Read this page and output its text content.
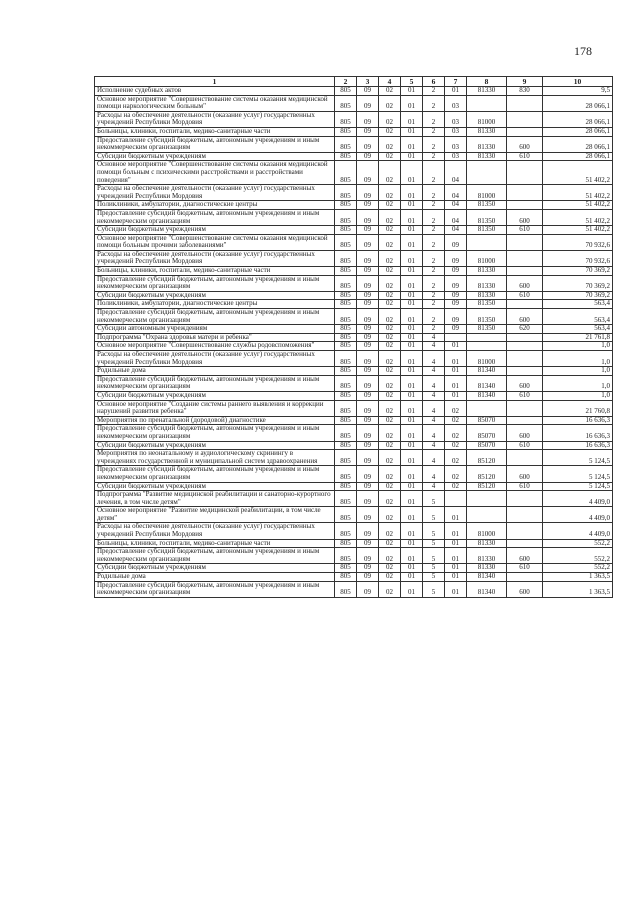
178
1	2	3	4	5	6	7	8	9	10
Исполнение судебных актов	805	09	02	01	2	01	81330	830	9,5
Основное мероприятие "Совершенствование системы оказания медицинской помощи наркологическим больным"	805	09	02	01	2	03			28 066,1
Расходы на обеспечение деятельности (оказание услуг) государственных учреждений Республики Мордовия	805	09	02	01	2	03	81000		28 066,1
Больницы, клиники, госпитали, медико-санитарные части	805	09	02	01	2	03	81330		28 066,1
Предоставление субсидий бюджетным, автономным учреждениям и иным некоммерческим организациям	805	09	02	01	2	03	81330	600	28 066,1
Субсидии бюджетным учреждениям	805	09	02	01	2	03	81330	610	28 066,1
Основное мероприятие "Совершенствование системы оказания медицинской помощи больным с психическими расстройствами и расстройствами поведения"	805	09	02	01	2	04			51 402,2
Расходы на обеспечение деятельности (оказание услуг) государственных учреждений Республики Мордовия	805	09	02	01	2	04	81000		51 402,2
Поликлиники, амбулатории, диагностические центры	805	09	02	01	2	04	81350		51 402,2
Предоставление субсидий бюджетным, автономным учреждениям и иным некоммерческим организациям	805	09	02	01	2	04	81350	600	51 402,2
Субсидии бюджетным учреждениям	805	09	02	01	2	04	81350	610	51 402,2
Основное мероприятие "Совершенствование системы оказания медицинской помощи больным прочими заболеваниями"	805	09	02	01	2	09			70 932,6
Расходы на обеспечение деятельности (оказание услуг) государственных учреждений Республики Мордовия	805	09	02	01	2	09	81000		70 932,6
Больницы, клиники, госпитали, медико-санитарные части	805	09	02	01	2	09	81330		70 369,2
Предоставление субсидий бюджетным, автономным учреждениям и иным некоммерческим организациям	805	09	02	01	2	09	81330	600	70 369,2
Субсидии бюджетным учреждениям	805	09	02	01	2	09	81330	610	70 369,2
Поликлиники, амбулатории, диагностические центры	805	09	02	01	2	09	81350		563,4
Предоставление субсидий бюджетным, автономным учреждениям и иным некоммерческим организациям	805	09	02	01	2	09	81350	600	563,4
Субсидии автономным учреждениям	805	09	02	01	2	09	81350	620	563,4
Подпрограмма "Охрана здоровья матери и ребенка"	805	09	02	01	4				21 761,8
Основное мероприятие "Совершенствование службы родовспоможения"	805	09	02	01	4	01			1,0
Расходы на обеспечение деятельности (оказание услуг) государственных учреждений Республики Мордовия	805	09	02	01	4	01	81000		1,0
Родильные дома	805	09	02	01	4	01	81340		1,0
Предоставление субсидий бюджетным, автономным учреждениям и иным некоммерческим организациям	805	09	02	01	4	01	81340	600	1,0
Субсидии бюджетным учреждениям	805	09	02	01	4	01	81340	610	1,0
Основное мероприятие "Создание системы раннего выявления и коррекции нарушений развития ребенка"	805	09	02	01	4	02			21 760,8
Мероприятия по пренатальной (дородовой) диагностике	805	09	02	01	4	02	85070		16 636,3
Предоставление субсидий бюджетным, автономным учреждениям и иным некоммерческим организациям	805	09	02	01	4	02	85070	600	16 636,3
Субсидии бюджетным учреждениям	805	09	02	01	4	02	85070	610	16 636,3
Мероприятия по неонатальному и аудиологическому скринингу в учреждениях государственной и муниципальной систем здравоохранения	805	09	02	01	4	02	85120		5 124,5
Предоставление субсидий бюджетным, автономным учреждениям и иным некоммерческим организациям	805	09	02	01	4	02	85120	600	5 124,5
Субсидии бюджетным учреждениям	805	09	02	01	4	02	85120	610	5 124,5
Подпрограмма "Развитие медицинской реабилитации и санаторно-курортного лечения, в том числе детям"	805	09	02	01	5				4 409,0
Основное мероприятие "Развитие медицинской реабилитации, в том числе детям"	805	09	02	01	5	01			4 409,0
Расходы на обеспечение деятельности (оказание услуг) государственных учреждений Республики Мордовия	805	09	02	01	5	01	81000		4 409,0
Больницы, клиники, госпитали, медико-санитарные части	805	09	02	01	5	01	81330		552,2
Предоставление субсидий бюджетным, автономным учреждениям и иным некоммерческим организациям	805	09	02	01	5	01	81330	600	552,2
Субсидии бюджетным учреждениям	805	09	02	01	5	01	81330	610	552,2
Родильные дома	805	09	02	01	5	01	81340		1 363,5
Предоставление субсидий бюджетным, автономным учреждениям и иным некоммерческим организациям	805	09	02	01	5	01	81340	600	1 363,5
